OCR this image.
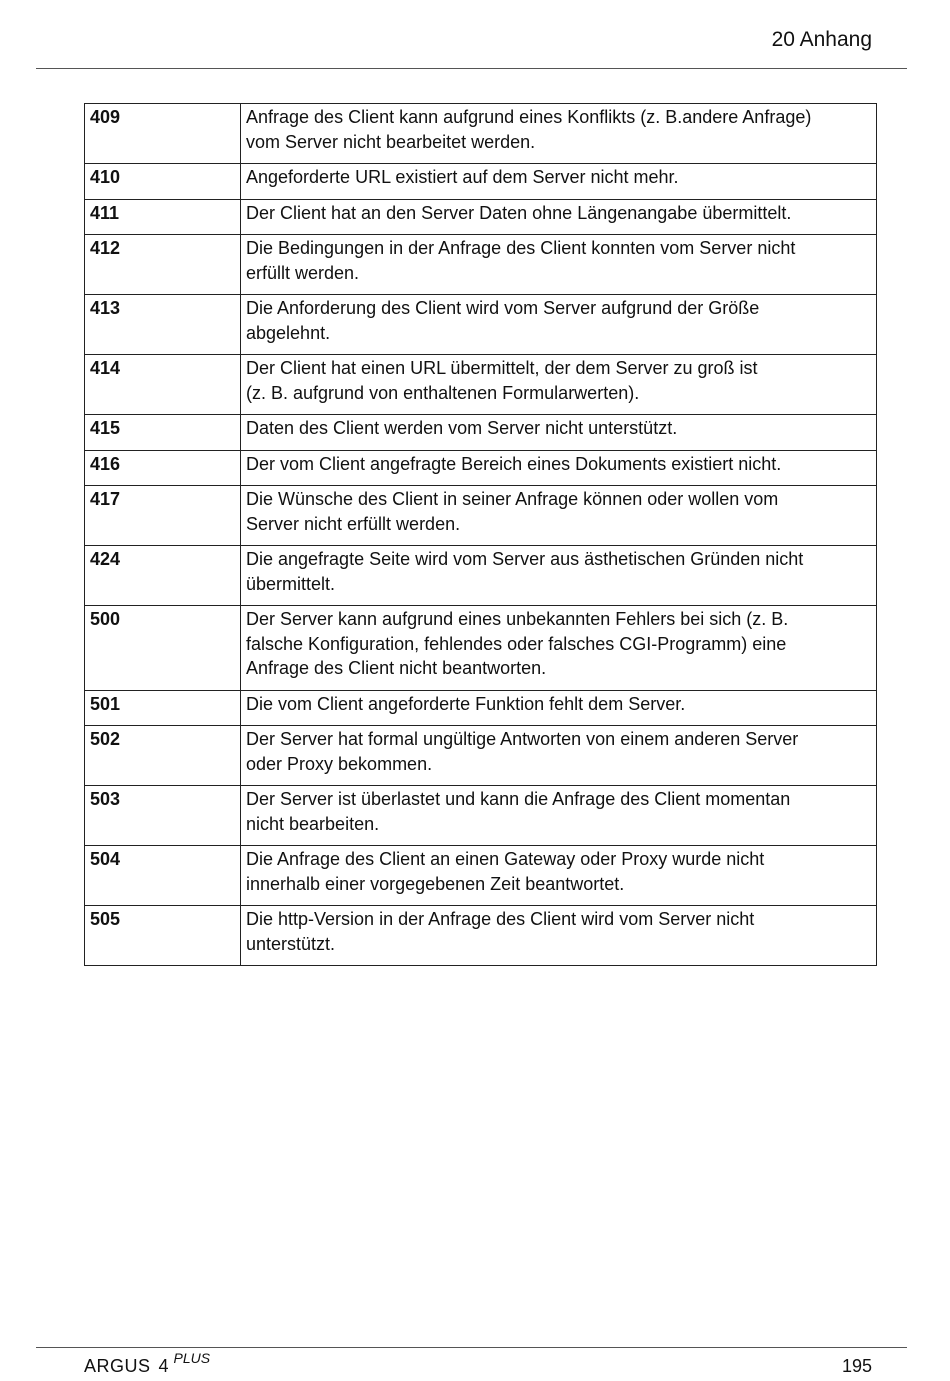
20 Anhang
409	Anfrage des Client kann aufgrund eines Konflikts (z. B.andere Anfrage)
vom Server nicht bearbeitet werden.

410	Angeforderte URL existiert auf dem Server nicht mehr.

411	Der Client hat an den Server Daten ohne Längenangabe übermittelt.

412	Die Bedingungen in der Anfrage des Client konnten vom Server nicht
erfüllt werden.

413	Die Anforderung des Client wird vom Server aufgrund der Größe
abgelehnt.

414	Der Client hat einen URL übermittelt, der dem Server zu groß ist
(z. B. aufgrund von enthaltenen Formularwerten).

415	Daten des Client werden vom Server nicht unterstützt.

416	Der vom Client angefragte Bereich eines Dokuments existiert nicht.

417	Die Wünsche des Client in seiner Anfrage können oder wollen vom
Server nicht erfüllt werden.

424	Die angefragte Seite wird vom Server aus ästhetischen Gründen nicht
übermittelt.

500	Der Server kann aufgrund eines unbekannten Fehlers bei sich (z. B.
falsche Konfiguration, fehlendes oder falsches CGI-Programm) eine
Anfrage des Client nicht beantworten.

501	Die vom Client angeforderte Funktion fehlt dem Server.

502	Der Server hat formal ungültige Antworten von einem anderen Server
oder Proxy bekommen.

503	Der Server ist überlastet und kann die Anfrage des Client momentan
nicht bearbeiten.

504	Die Anfrage des Client an einen Gateway oder Proxy wurde nicht
innerhalb einer vorgegebenen Zeit beantwortet.

505	Die http-Version in der Anfrage des Client wird vom Server nicht
unterstützt.
ARGUS 4 $^{PLUS}$	195
